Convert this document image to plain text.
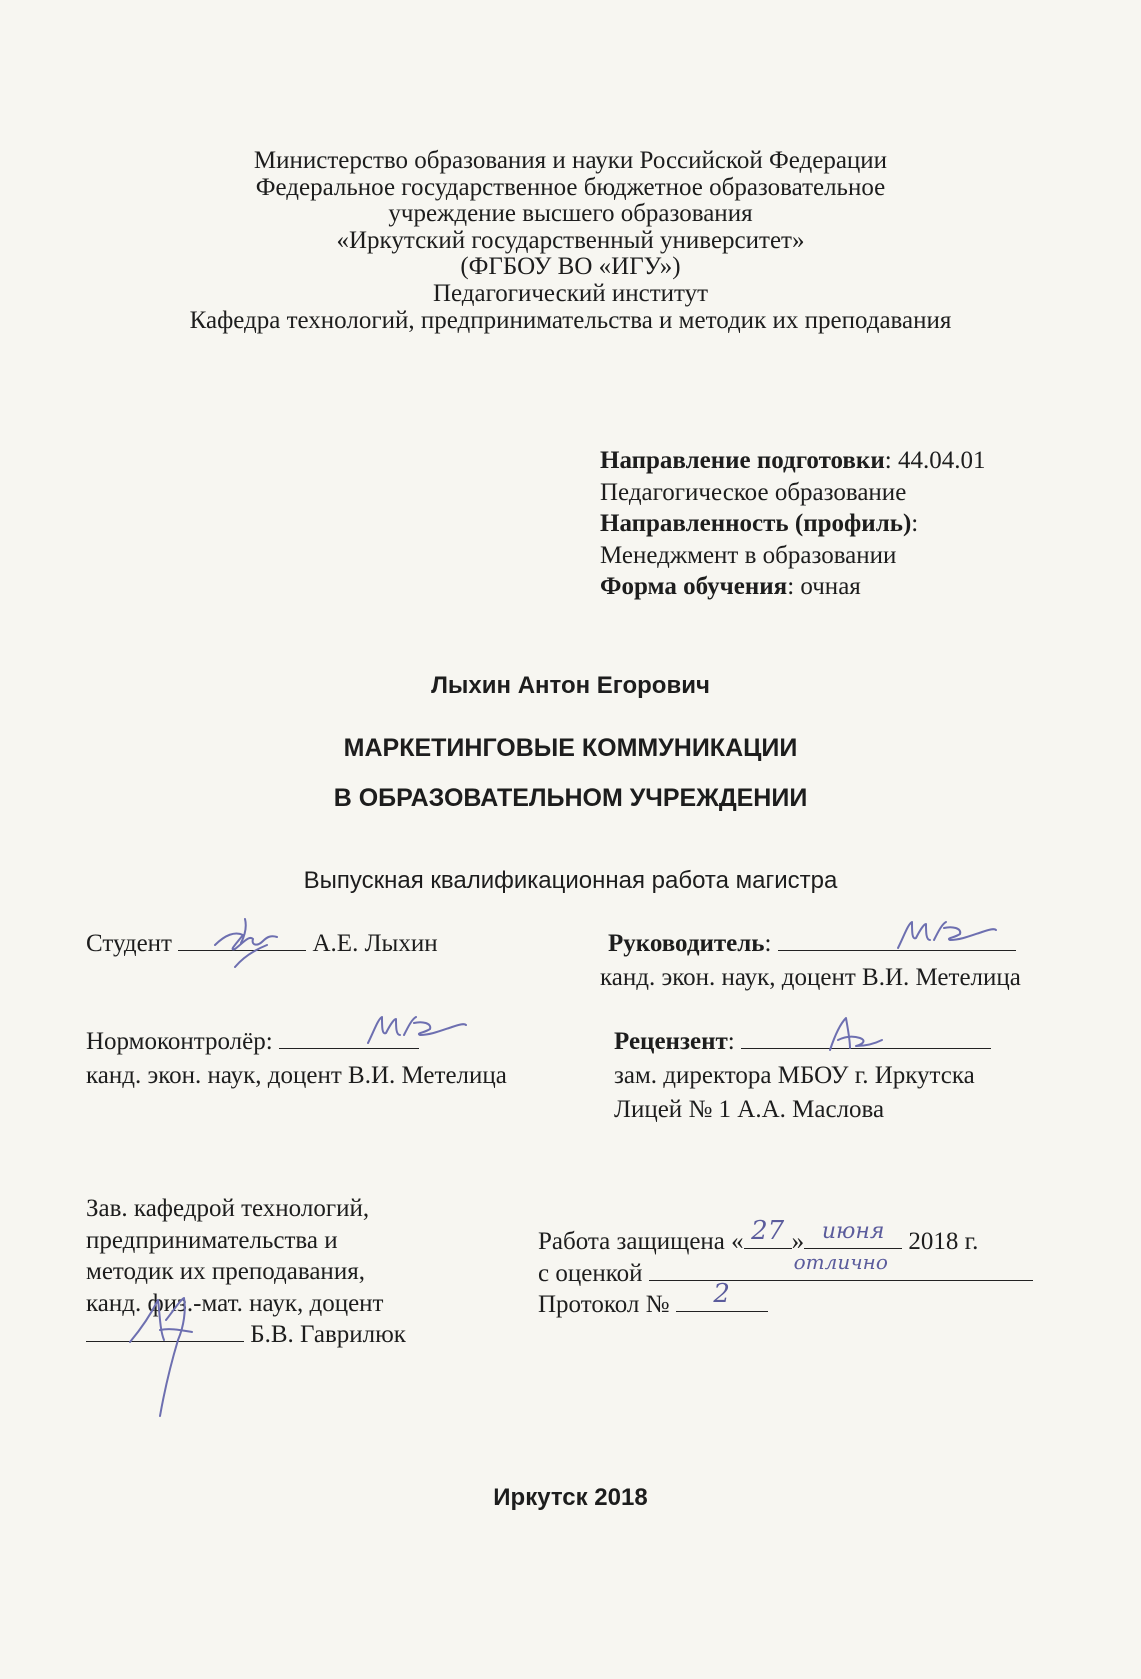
Министерство образования и науки Российской Федерации
Федеральное государственное бюджетное образовательное
учреждение высшего образования
«Иркутский государственный университет»
(ФГБОУ ВО «ИГУ»)
Педагогический институт
Кафедра технологий, предпринимательства и методик их преподавания
Направление подготовки: 44.04.01
Педагогическое образование
Направленность (профиль):
Менеджмент в образовании
Форма обучения: очная
Лыхин Антон Егорович
МАРКЕТИНГОВЫЕ КОММУНИКАЦИИ
В ОБРАЗОВАТЕЛЬНОМ УЧРЕЖДЕНИИ
Выпускная квалификационная работа магистра
Студент	А.Е. Лыхин	Руководитель:
канд. экон. наук, доцент В.И. Метелица
Нормоконтролёр:
канд. экон. наук, доцент В.И. Метелица
Рецензент:
зам. директора МБОУ г. Иркутска
Лицей № 1 А.А. Маслова
Зав. кафедрой технологий,
предпринимательства и
методик их преподавания,
канд. физ.-мат. наук, доцент
Б.В. Гаврилюк
Работа защищена « 27 » июня 2018 г.
с оценкой	отлично
Протокол №	2
Иркутск 2018
